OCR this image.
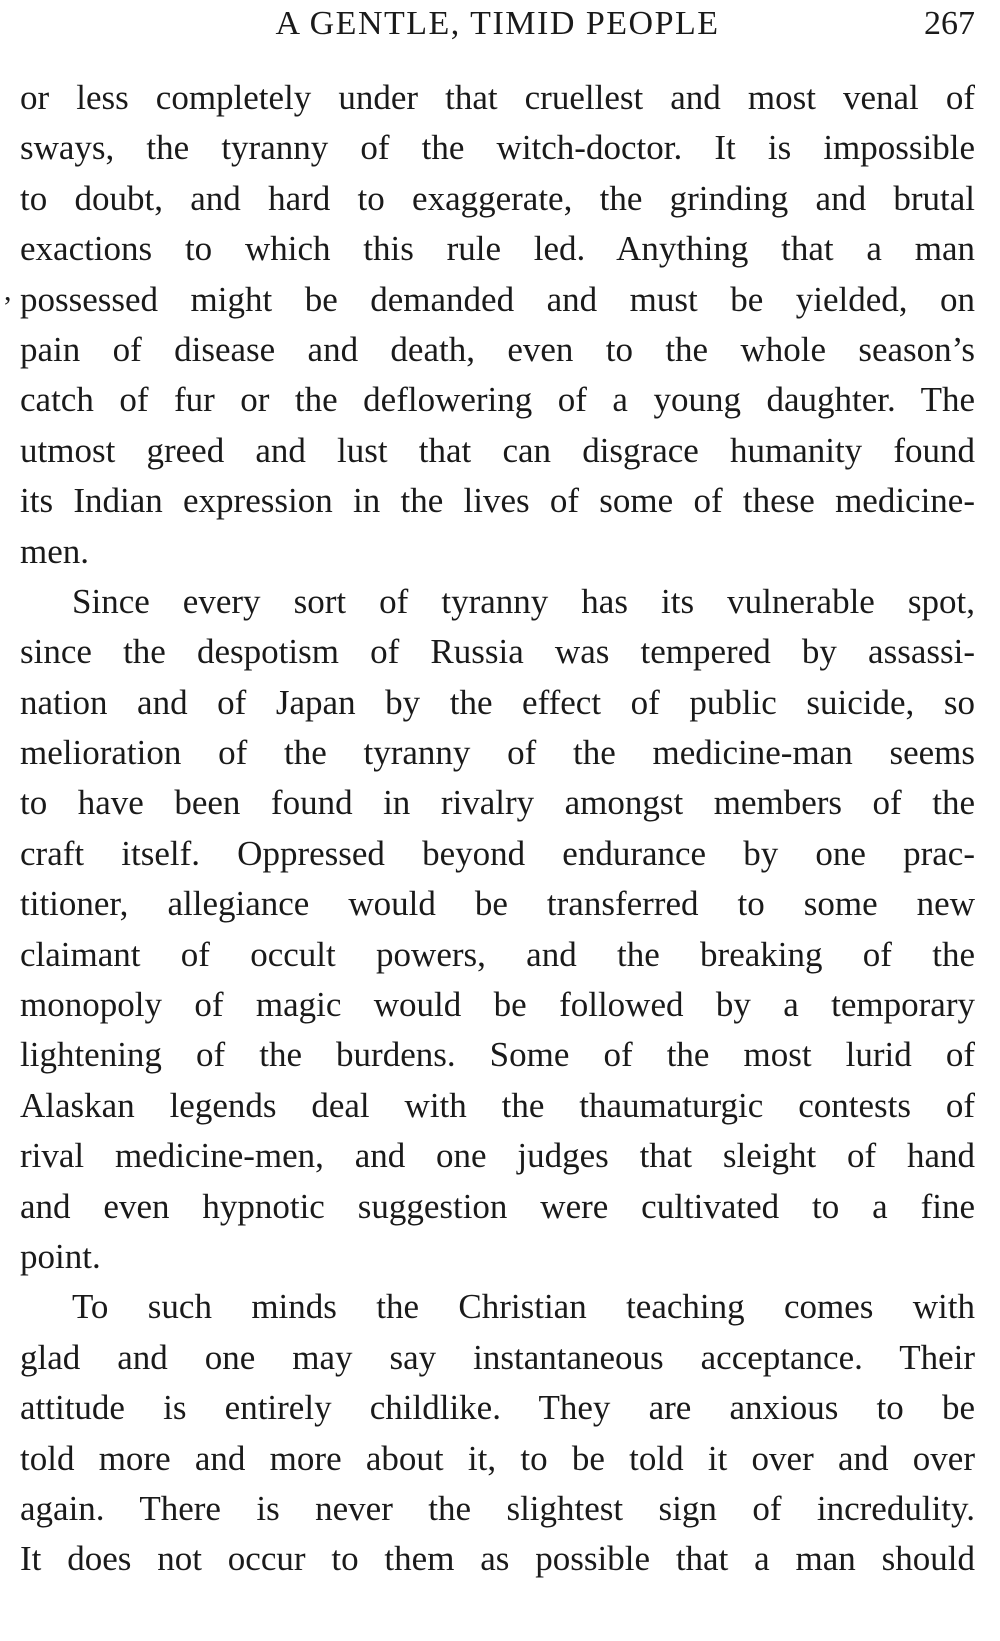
A GENTLE, TIMID PEOPLE	267
,
or less completely under that cruellest and most venal of
sways, the tyranny of the witch-doctor. It is impossible
to doubt, and hard to exaggerate, the grinding and brutal
exactions to which this rule led. Anything that a man
possessed might be demanded and must be yielded, on
pain of disease and death, even to the whole season’s
catch of fur or the deflowering of a young daughter. The
utmost greed and lust that can disgrace humanity found
its Indian expression in the lives of some of these medicine-
men.
Since every sort of tyranny has its vulnerable spot,
since the despotism of Russia was tempered by assassi-
nation and of Japan by the effect of public suicide, so
melioration of the tyranny of the medicine-man seems
to have been found in rivalry amongst members of the
craft itself. Oppressed beyond endurance by one prac-
titioner, allegiance would be transferred to some new
claimant of occult powers, and the breaking of the
monopoly of magic would be followed by a temporary
lightening of the burdens. Some of the most lurid of
Alaskan legends deal with the thaumaturgic contests of
rival medicine-men, and one judges that sleight of hand
and even hypnotic suggestion were cultivated to a fine
point.
To such minds the Christian teaching comes with
glad and one may say instantaneous acceptance. Their
attitude is entirely childlike. They are anxious to be
told more and more about it, to be told it over and over
again. There is never the slightest sign of incredulity.
It does not occur to them as possible that a man should
